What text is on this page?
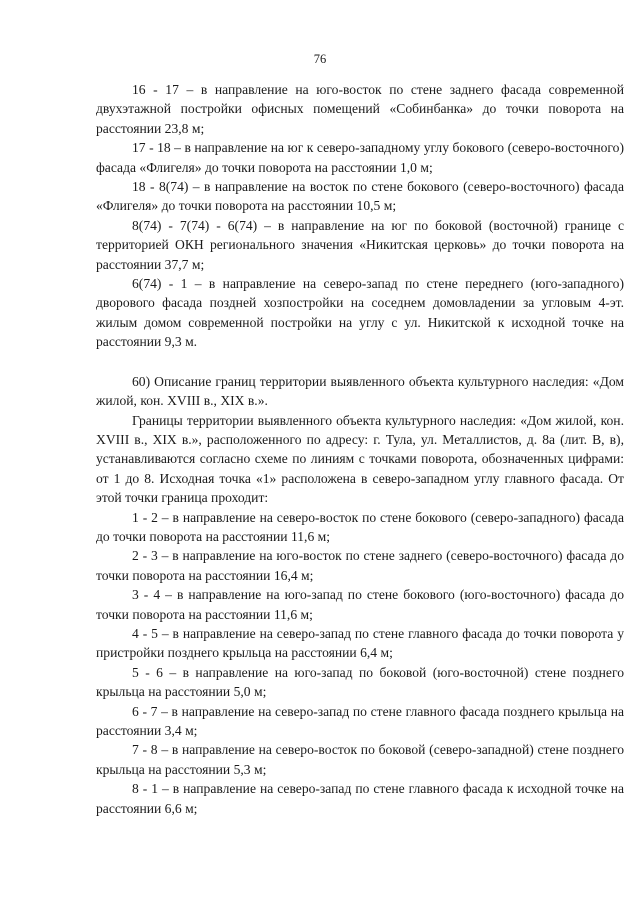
76

16 - 17 – в направление на юго-восток по стене заднего фасада современной двухэтажной постройки офисных помещений «Собинбанка» до точки поворота на расстоянии 23,8 м;

17 - 18 – в направление на юг к северо-западному углу бокового (северо-восточного) фасада «Флигеля» до точки поворота на расстоянии 1,0 м;

18 - 8(74) – в направление на восток по стене бокового (северо-восточного) фасада «Флигеля» до точки поворота на расстоянии 10,5 м;

8(74) - 7(74) - 6(74) – в направление на юг по боковой (восточной) границе с территорией ОКН регионального значения «Никитская церковь» до точки поворота на расстоянии 37,7 м;

6(74) - 1 – в направление на северо-запад по стене переднего (юго-западного) дворового фасада поздней хозпостройки на соседнем домовладении за угловым 4-эт. жилым домом современной постройки на углу с ул. Никитской к исходной точке на расстоянии 9,3 м.

60) Описание границ территории выявленного объекта культурного наследия: «Дом жилой, кон. XVIII в., XIX в.».

Границы территории выявленного объекта культурного наследия: «Дом жилой, кон. XVIII в., XIX в.», расположенного по адресу: г. Тула, ул. Металлистов, д. 8а (лит. В, в), устанавливаются согласно схеме по линиям с точками поворота, обозначенных цифрами: от 1 до 8. Исходная точка «1» расположена в северо-западном углу главного фасада. От этой точки граница проходит:

1 - 2 – в направление на северо-восток по стене бокового (северо-западного) фасада до точки поворота на расстоянии 11,6 м;

2 - 3 – в направление на юго-восток по стене заднего (северо-восточного) фасада до точки поворота на расстоянии 16,4 м;

3 - 4 – в направление на юго-запад по стене бокового (юго-восточного) фасада до точки поворота на расстоянии 11,6 м;

4 - 5 – в направление на северо-запад по стене главного фасада до точки поворота у пристройки позднего крыльца на расстоянии 6,4 м;

5 - 6 – в направление на юго-запад по боковой (юго-восточной) стене позднего крыльца на расстоянии 5,0 м;

6 - 7 – в направление на северо-запад по стене главного фасада позднего крыльца на расстоянии 3,4 м;

7 - 8 – в направление на северо-восток по боковой (северо-западной) стене позднего крыльца на расстоянии 5,3 м;

8 - 1 – в направление на северо-запад по стене главного фасада к исходной точке на расстоянии 6,6 м;
